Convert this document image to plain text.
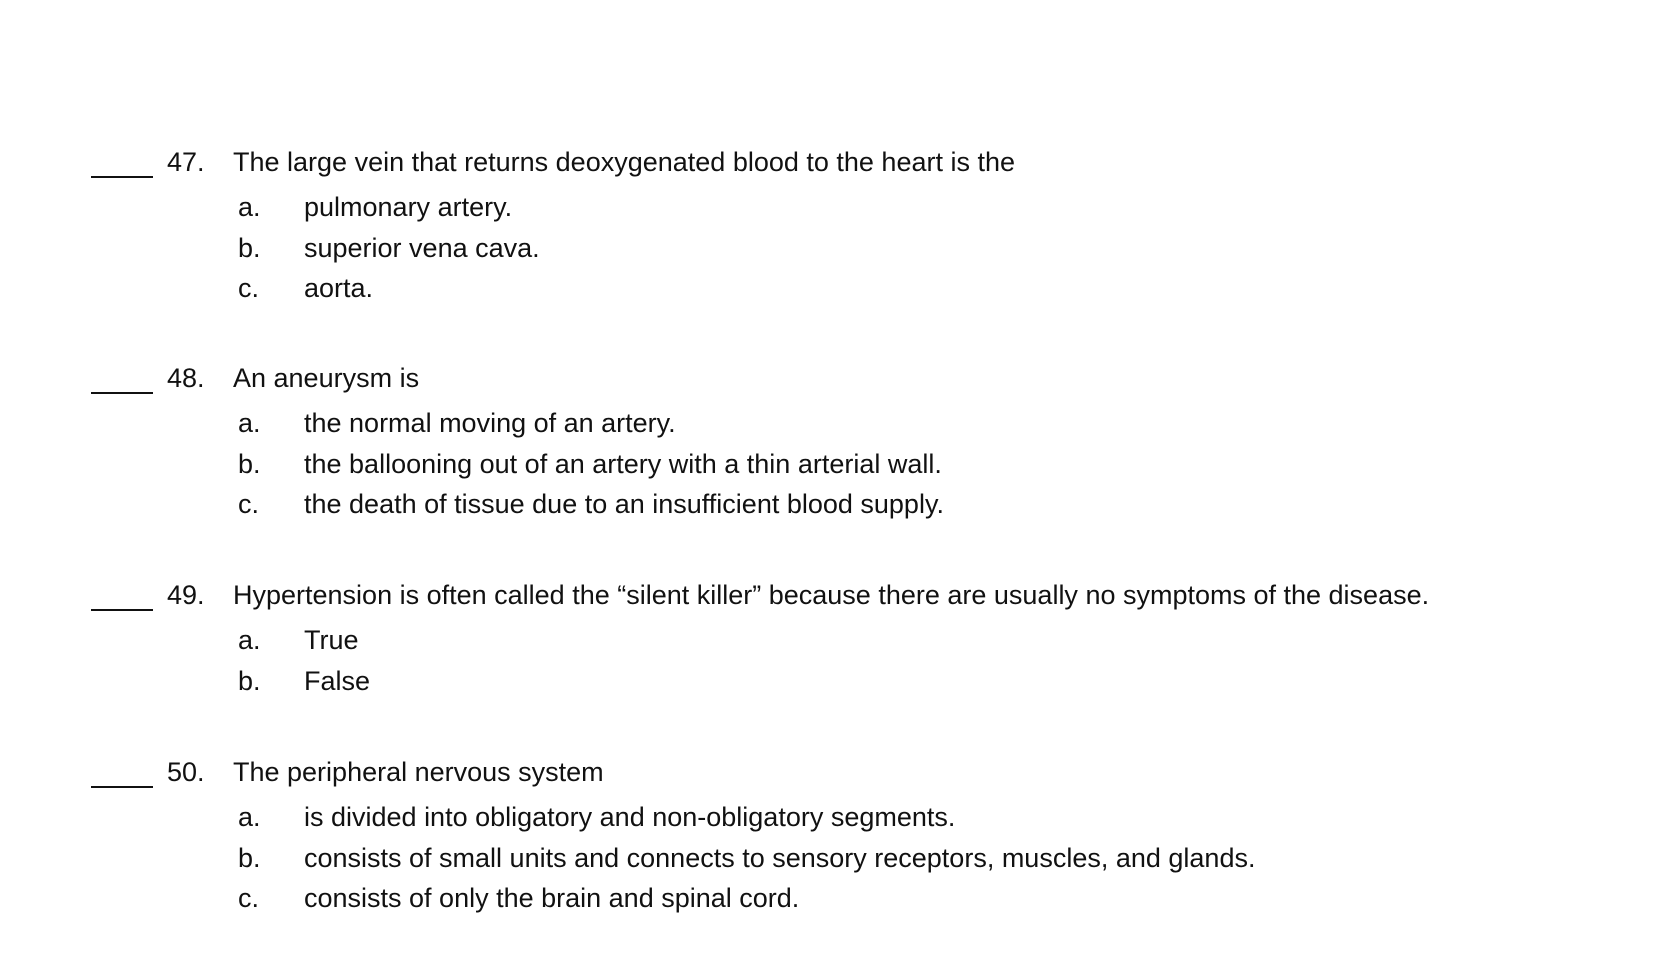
47. The large vein that returns deoxygenated blood to the heart is the
a. pulmonary artery.
b. superior vena cava.
c. aorta.
48. An aneurysm is
a. the normal moving of an artery.
b. the ballooning out of an artery with a thin arterial wall.
c. the death of tissue due to an insufficient blood supply.
49. Hypertension is often called the “silent killer” because there are usually no symptoms of the disease.
a. True
b. False
50. The peripheral nervous system
a. is divided into obligatory and non-obligatory segments.
b. consists of small units and connects to sensory receptors, muscles, and glands.
c. consists of only the brain and spinal cord.
